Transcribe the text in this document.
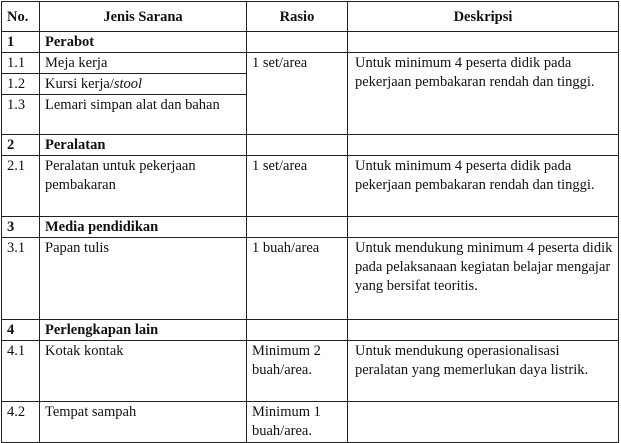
No.	Jenis Sarana	Rasio	Deskripsi
1	Perabot		
1.1	Meja kerja	1 set/area	Untuk minimum 4 peserta didik pada pekerjaan pembakaran rendah dan tinggi.
1.2	Kursi kerja/stool		
1.3	Lemari simpan alat dan bahan		
2	Peralatan		
2.1	Peralatan untuk pekerjaan pembakaran	1 set/area	Untuk minimum 4 peserta didik pada pekerjaan pembakaran rendah dan tinggi.
3	Media pendidikan		
3.1	Papan tulis	1 buah/area	Untuk mendukung minimum 4 peserta didik pada pelaksanaan kegiatan belajar mengajar yang bersifat teoritis.
4	Perlengkapan lain		
4.1	Kotak kontak	Minimum 2 buah/area.	Untuk mendukung operasionalisasi peralatan yang memerlukan daya listrik.
4.2	Tempat sampah	Minimum 1 buah/area.	
